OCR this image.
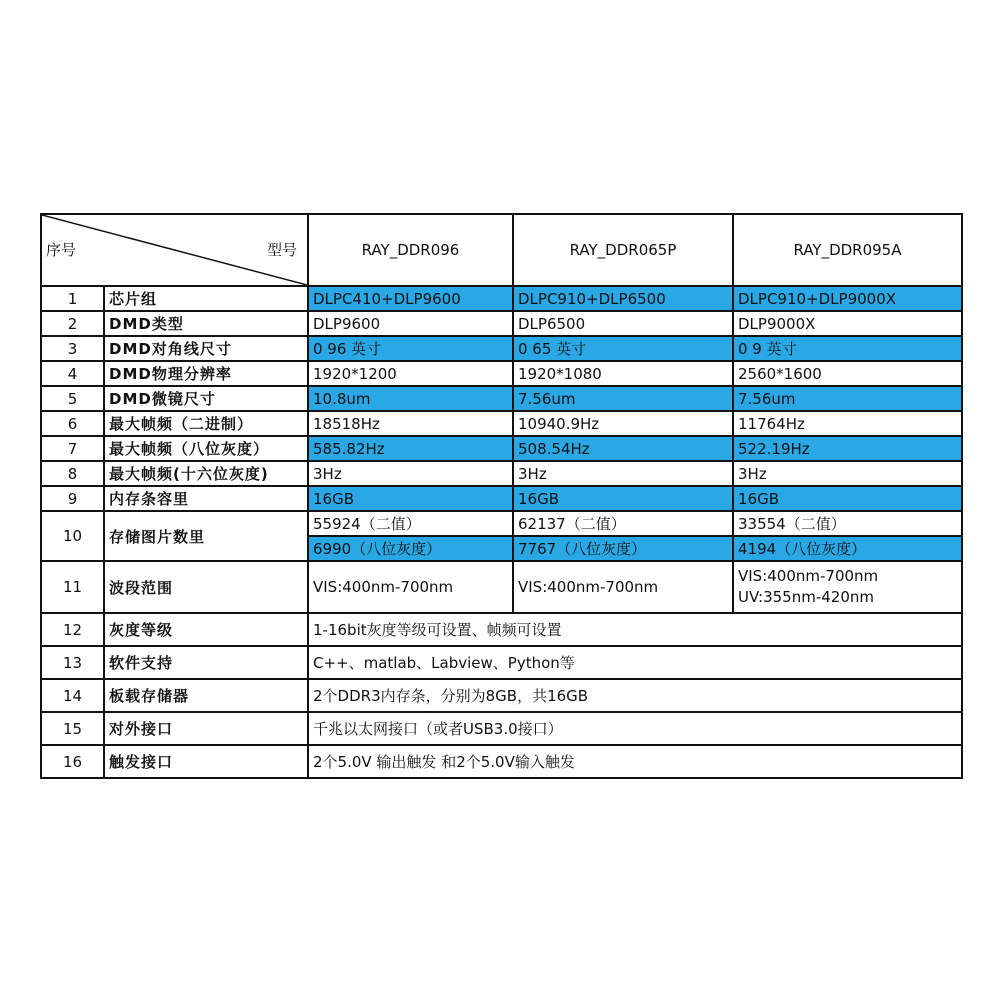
序号 型号		RAY_DDR096	RAY_DDR065P	RAY_DDR095A
1	芯片组	DLPC410+DLP9600	DLPC910+DLP6500	DLPC910+DLP9000X
2	DMD类型	DLP9600	DLP6500	DLP9000X
3	DMD对角线尺寸	0 96 英寸	0 65 英寸	0 9 英寸
4	DMD物理分辨率	1920*1200	1920*1080	2560*1600
5	DMD微镜尺寸	10.8um	7.56um	7.56um
6	最大帧频（二进制）	18518Hz	10940.9Hz	11764Hz
7	最大帧频（八位灰度）	585.82Hz	508.54Hz	522.19Hz
8	最大帧频(十六位灰度)	3Hz	3Hz	3Hz
9	内存条容里	16GB	16GB	16GB
10	存储图片数里	55924（二值）	62137（二值）	33554（二值）
		6990（八位灰度）	7767（八位灰度）	4194（八位灰度）
11	波段范围	VIS:400nm-700nm	VIS:400nm-700nm	VIS:400nm-700nm
UV:355nm-420nm

12	灰度等级	1-16bit灰度等级可设置、帧频可设置		
13	软件支持	C++、matlab、Labview、Python等		
14	板载存储器	2个DDR3内存条，分别为8GB，共16GB		
15	对外接口	千兆以太网接口（或者USB3.0接口）		
16	触发接口	2个5.0V 输出触发 和2个5.0V输入触发		
